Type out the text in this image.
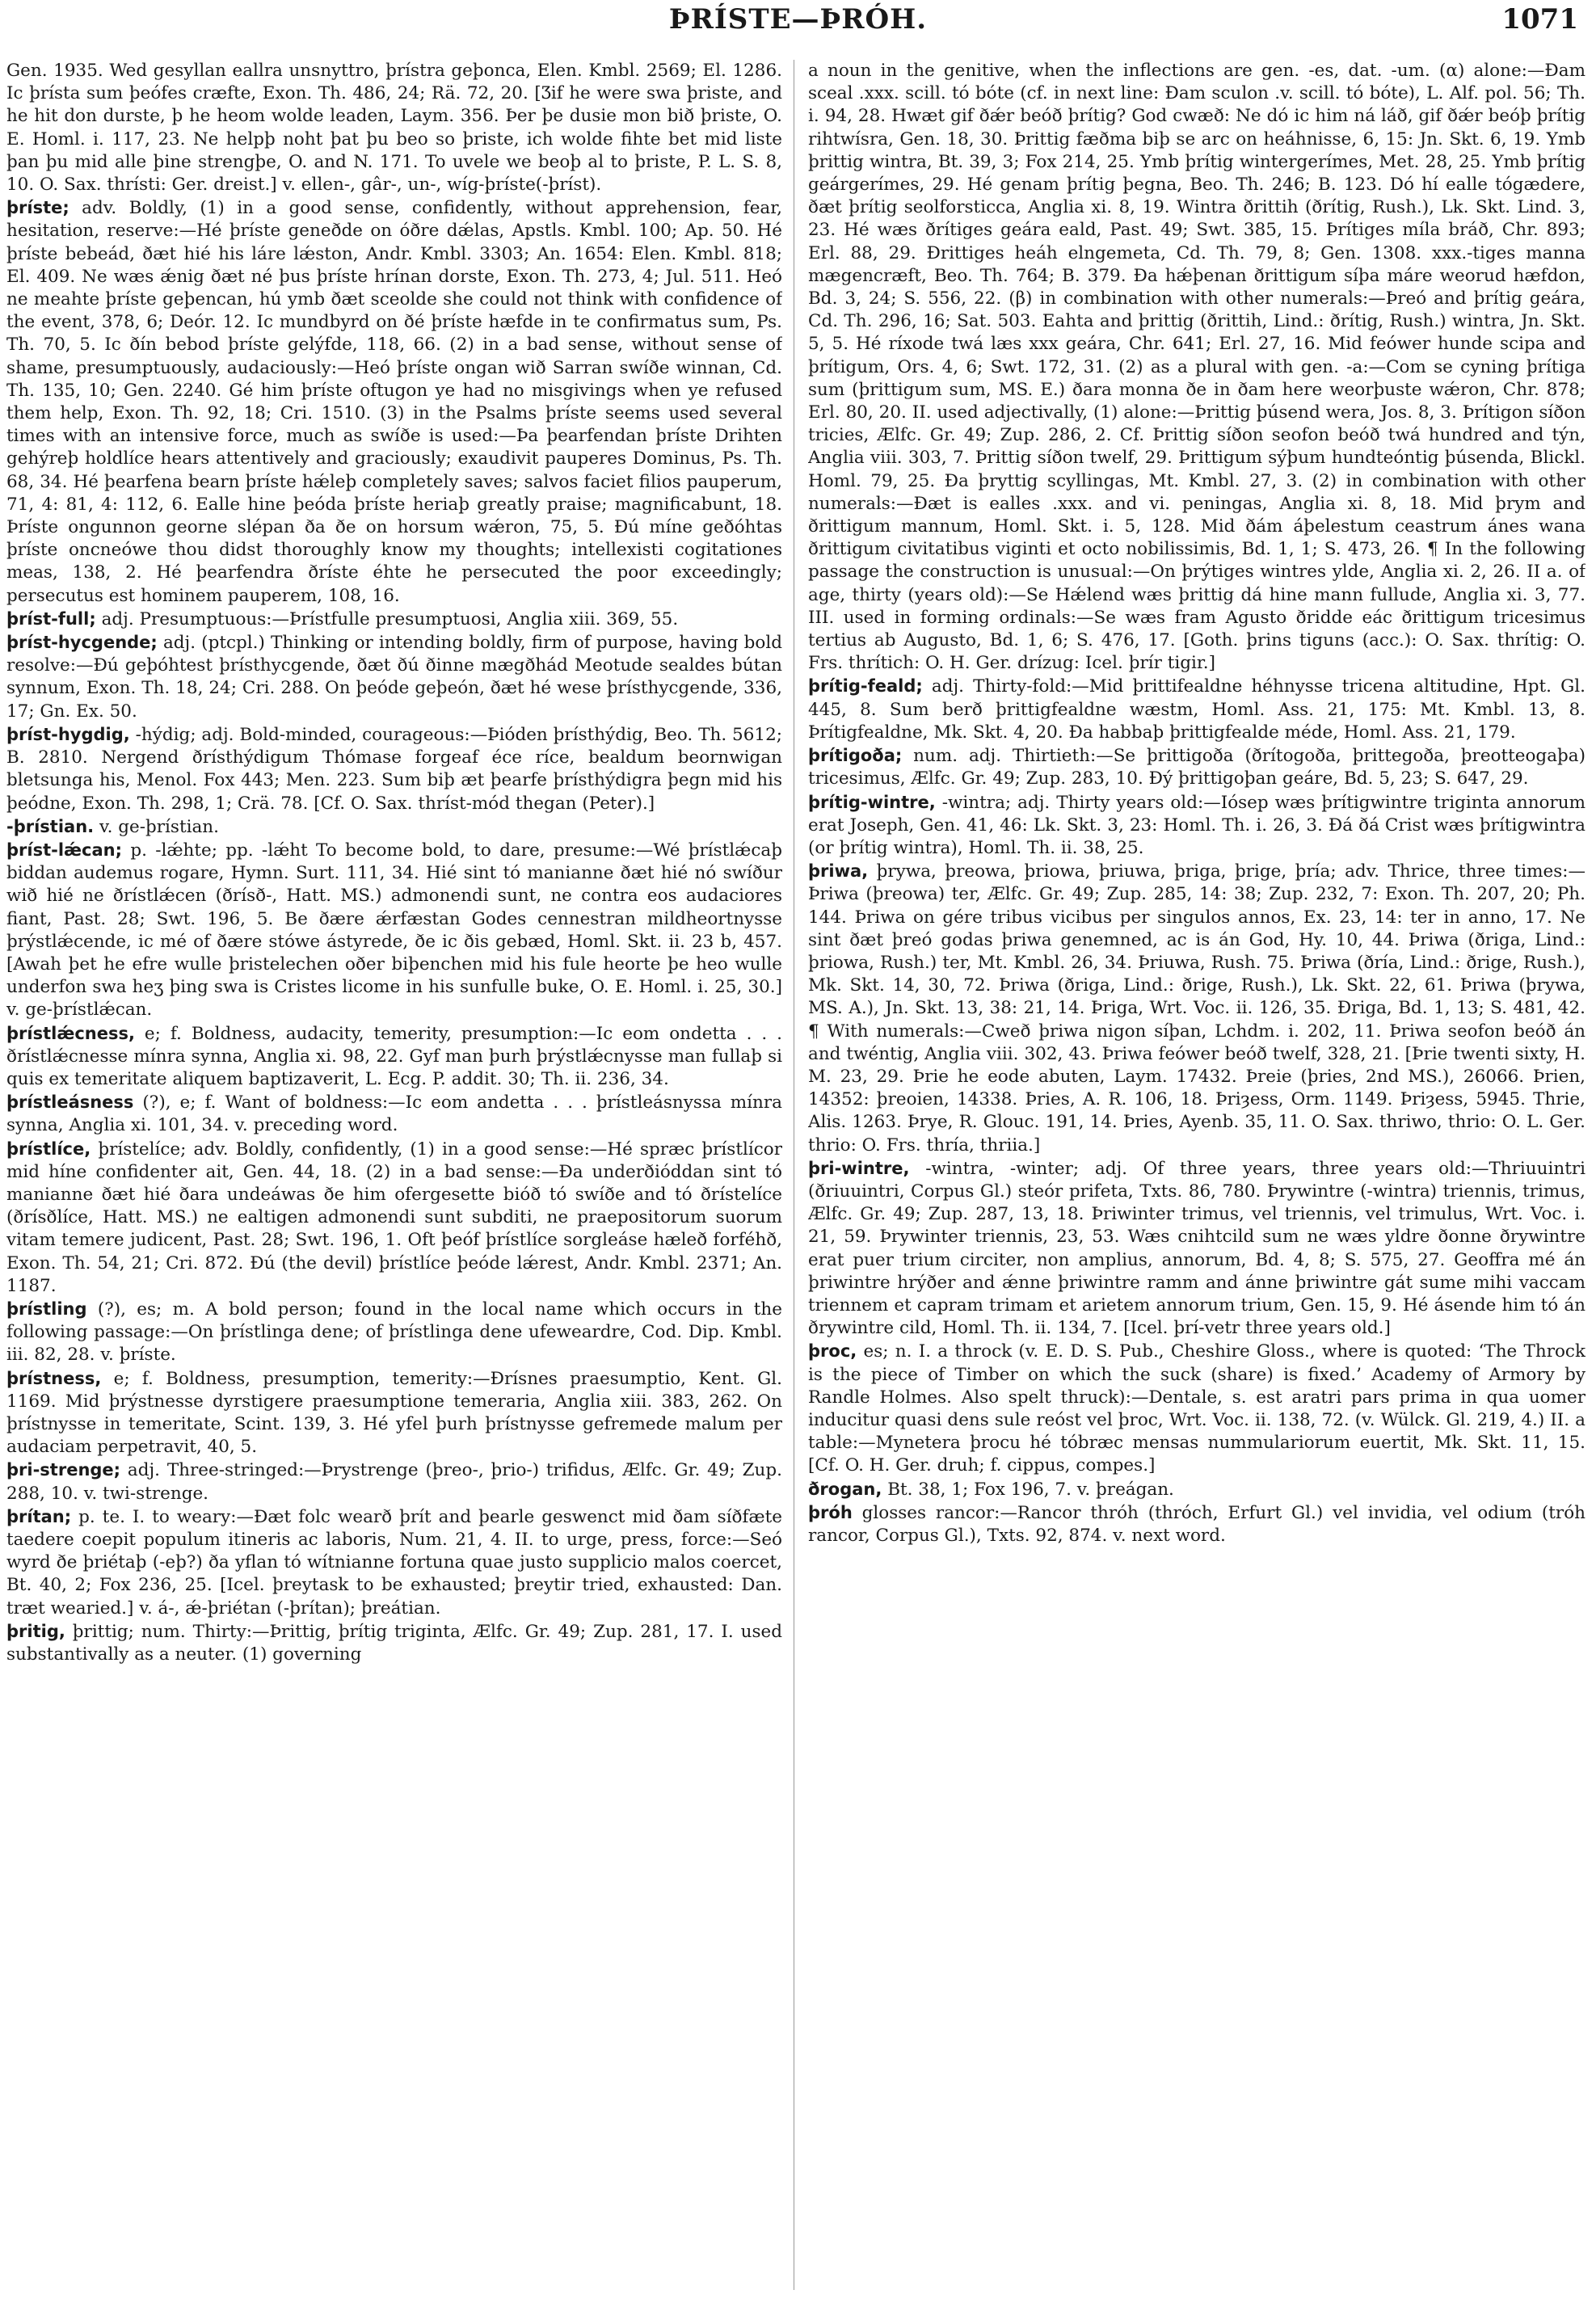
ÞRÍSTE—ÞRÓH.	1071

Gen. 1935. Wed gesyllan eallra unsnyttro, þrístra geþonca, Elen. Kmbl. 2569; El. 1286. Ic þrísta sum þeófes cræfte, Exon. Th. 486, 24; Rä. 72, 20. [Ʒif he were swa þriste, and he hit don durste, þ he heom wolde leaden, Laym. 356. Þer þe dusie mon bið þriste, O. E. Homl. i. 117, 23. Ne helpþ noht þat þu beo so þriste, ich wolde fihte bet mid liste þan þu mid alle þine strengþe, O. and N. 171. To uvele we beoþ al to þriste, P. L. S. 8, 10. O. Sax. thrísti: Ger. dreist.] v. ellen-, gâr-, un-, wíg-þríste(-þríst).

þríste; adv. Boldly, (1) in a good sense, confidently, without apprehension, fear, hesitation, reserve:—Hé þríste geneðde on óðre dǽlas, Apstls. Kmbl. 100; Ap. 50. Hé þríste bebeád, ðæt hié his láre lǽston, Andr. Kmbl. 3303; An. 1654: Elen. Kmbl. 818; El. 409. Ne wæs ǽnig ðæt né þus þríste hrínan dorste, Exon. Th. 273, 4; Jul. 511. Heó ne meahte þríste geþencan, hú ymb ðæt sceolde she could not think with confidence of the event, 378, 6; Deór. 12. Ic mundbyrd on ðé þríste hæfde in te confirmatus sum, Ps. Th. 70, 5. Ic ðín bebod þríste gelýfde, 118, 66. (2) in a bad sense, without sense of shame, presumptuously, audaciously:—Heó þríste ongan wið Sarran swíðe winnan, Cd. Th. 135, 10; Gen. 2240. Gé him þríste oftugon ye had no misgivings when ye refused them help, Exon. Th. 92, 18; Cri. 1510. (3) in the Psalms þríste seems used several times with an intensive force, much as swíðe is used:—Þa þearfendan þríste Drihten gehýreþ holdlíce hears attentively and graciously; exaudivit pauperes Dominus, Ps. Th. 68, 34. Hé þearfena bearn þríste hǽleþ completely saves; salvos faciet filios pauperum, 71, 4: 81, 4: 112, 6. Ealle hine þeóda þríste heriaþ greatly praise; magnificabunt, 18. Þríste ongunnon georne slépan ða ðe on horsum wǽron, 75, 5. Ðú míne geðóhtas þríste oncneówe thou didst thoroughly know my thoughts; intellexisti cogitationes meas, 138, 2. Hé þearfendra ðríste éhte he persecuted the poor exceedingly; persecutus est hominem pauperem, 108, 16.

þríst-full; adj. Presumptuous:—Þrístfulle presumptuosi, Anglia xiii. 369, 55.

þríst-hycgende; adj. (ptcpl.) Thinking or intending boldly, firm of purpose, having bold resolve:—Ðú geþóhtest þrísthycgende, ðæt ðú ðinne mægðhád Meotude sealdes bútan synnum, Exon. Th. 18, 24; Cri. 288. On þeóde geþeón, ðæt hé wese þrísthycgende, 336, 17; Gn. Ex. 50.

þríst-hygdig, -hýdig; adj. Bold-minded, courageous:—Þióden þrísthýdig, Beo. Th. 5612; B. 2810. Nergend ðrísthýdigum Thómase forgeaf éce ríce, bealdum beornwigan bletsunga his, Menol. Fox 443; Men. 223. Sum biþ æt þearfe þrísthýdigra þegn mid his þeódne, Exon. Th. 298, 1; Crä. 78. [Cf. O. Sax. thríst-mód thegan (Peter).]

-þrístian. v. ge-þrístian.

þríst-lǽcan; p. -lǽhte; pp. -lǽht To become bold, to dare, presume:—Wé þrístlǽcaþ biddan audemus rogare, Hymn. Surt. 111, 34. Hié sint tó manianne ðæt hié nó swíður wið hié ne ðrístlǽcen (ðrísð-, Hatt. MS.) admonendi sunt, ne contra eos audaciores fiant, Past. 28; Swt. 196, 5. Be ðære ǽrfæstan Godes cennestran mildheortnysse þrýstlǽcende, ic mé of ðære stówe ástyrede, ðe ic ðis gebæd, Homl. Skt. ii. 23 b, 457. [Awah þet he efre wulle þristelechen oðer biþenchen mid his fule heorte þe heo wulle underfon swa heʒ þing swa is Cristes licome in his sunfulle buke, O. E. Homl. i. 25, 30.] v. ge-þrístlǽcan.

þrístlǽcness, e; f. Boldness, audacity, temerity, presumption:—Ic eom ondetta . . . ðrístlǽcnesse mínra synna, Anglia xi. 98, 22. Gyf man þurh þrýstlǽcnysse man fullaþ si quis ex temeritate aliquem baptizaverit, L. Ecg. P. addit. 30; Th. ii. 236, 34.

þrístleásness (?), e; f. Want of boldness:—Ic eom andetta . . . þrístleásnyssa mínra synna, Anglia xi. 101, 34. v. preceding word.

þrístlíce, þrístelíce; adv. Boldly, confidently, (1) in a good sense:—Hé spræc þrístlícor mid híne confidenter ait, Gen. 44, 18. (2) in a bad sense:—Ða underðióddan sint tó manianne ðæt hié ðara undeáwas ðe him ofergesette bióð tó swíðe and tó ðrístelíce (ðrísðlíce, Hatt. MS.) ne ealtigen admonendi sunt subditi, ne praepositorum suorum vitam temere judicent, Past. 28; Swt. 196, 1. Oft þeóf þrístlíce sorgleáse hæleð forféhð, Exon. Th. 54, 21; Cri. 872. Ðú (the devil) þrístlíce þeóde lǽrest, Andr. Kmbl. 2371; An. 1187.

þrístling (?), es; m. A bold person; found in the local name which occurs in the following passage:—On þrístlinga dene; of þrístlinga dene ufeweardre, Cod. Dip. Kmbl. iii. 82, 28. v. þríste.

þrístness, e; f. Boldness, presumption, temerity:—Ðrísnes praesumptio, Kent. Gl. 1169. Mid þrýstnesse dyrstigere praesumptione temeraria, Anglia xiii. 383, 262. On þrístnysse in temeritate, Scint. 139, 3. Hé yfel þurh þrístnysse gefremede malum per audaciam perpetravit, 40, 5.

þri-strenge; adj. Three-stringed:—Þrystrenge (þreo-, þrio-) trifidus, Ælfc. Gr. 49; Zup. 288, 10. v. twi-strenge.

þrítan; p. te. I. to weary:—Ðæt folc wearð þrít and þearle geswenct mid ðam síðfæte taedere coepit populum itineris ac laboris, Num. 21, 4. II. to urge, press, force:—Seó wyrd ðe þriétaþ (-eþ?) ða yflan tó wítnianne fortuna quae justo supplicio malos coercet, Bt. 40, 2; Fox 236, 25. [Icel. þreytask to be exhausted; þreytir tried, exhausted: Dan. træt wearied.] v. á-, ǽ-þriétan (-þrítan); þreátian.

þritig, þrittig; num. Thirty:—Þrittig, þrítig triginta, Ælfc. Gr. 49; Zup. 281, 17. I. used substantivally as a neuter. (1) governing

a noun in the genitive, when the inflections are gen. -es, dat. -um. (α) alone:—Ðam sceal .xxx. scill. tó bóte (cf. in next line: Ðam sculon .v. scill. tó bóte), L. Alf. pol. 56; Th. i. 94, 28. Hwæt gif ðǽr beóð þrítig? God cwæð: Ne dó ic him ná láð, gif ðǽr beóþ þrítig rihtwísra, Gen. 18, 30. Þrittig fæðma biþ se arc on heáhnisse, 6, 15: Jn. Skt. 6, 19. Ymb þrittig wintra, Bt. 39, 3; Fox 214, 25. Ymb þrítig wintergerímes, Met. 28, 25. Ymb þrítig geárgerímes, 29. Hé genam þrítig þegna, Beo. Th. 246; B. 123. Dó hí ealle tógædere, ðæt þrítig seolforsticca, Anglia xi. 8, 19. Wintra ðrittih (ðrítig, Rush.), Lk. Skt. Lind. 3, 23. Hé wæs ðrítiges geára eald, Past. 49; Swt. 385, 15. Þrítiges míla bráð, Chr. 893; Erl. 88, 29. Ðrittiges heáh elngemeta, Cd. Th. 79, 8; Gen. 1308. xxx.-tiges manna mægencræft, Beo. Th. 764; B. 379. Ða hǽþenan ðrittigum síþa máre weorud hæfdon, Bd. 3, 24; S. 556, 22. (β) in combination with other numerals:—Þreó and þrítig geára, Cd. Th. 296, 16; Sat. 503. Eahta and þrittig (ðrittih, Lind.: ðrítig, Rush.) wintra, Jn. Skt. 5, 5. Hé ríxode twá læs xxx geára, Chr. 641; Erl. 27, 16. Mid feówer hunde scipa and þrítigum, Ors. 4, 6; Swt. 172, 31. (2) as a plural with gen. -a:—Com se cyning þrítiga sum (þrittigum sum, MS. E.) ðara monna ðe in ðam here weorþuste wǽron, Chr. 878; Erl. 80, 20. II. used adjectivally, (1) alone:—Þrittig þúsend wera, Jos. 8, 3. Þrítigon síðon tricies, Ælfc. Gr. 49; Zup. 286, 2. Cf. Þrittig síðon seofon beóð twá hundred and týn, Anglia viii. 303, 7. Þrittig síðon twelf, 29. Þrittigum sýþum hundteóntig þúsenda, Blickl. Homl. 79, 25. Ða þryttig scyllingas, Mt. Kmbl. 27, 3. (2) in combination with other numerals:—Ðæt is ealles .xxx. and vi. peningas, Anglia xi. 8, 18. Mid þrym and ðrittigum mannum, Homl. Skt. i. 5, 128. Mid ðám áþelestum ceastrum ánes wana ðrittigum civitatibus viginti et octo nobilissimis, Bd. 1, 1; S. 473, 26. ¶ In the following passage the construction is unusual:—On þrýtiges wintres ylde, Anglia xi. 2, 26. II a. of age, thirty (years old):—Se Hǽlend wæs þrittig dá hine mann fullude, Anglia xi. 3, 77. III. used in forming ordinals:—Se wæs fram Agusto ðridde eác ðrittigum tricesimus tertius ab Augusto, Bd. 1, 6; S. 476, 17. [Goth. þrins tiguns (acc.): O. Sax. thrítig: O. Frs. thrítich: O. H. Ger. drízug: Icel. þrír tigir.]

þrítig-feald; adj. Thirty-fold:—Mid þrittifealdne héhnysse tricena altitudine, Hpt. Gl. 445, 8. Sum berð þrittigfealdne wæstm, Homl. Ass. 21, 175: Mt. Kmbl. 13, 8. Þrítigfealdne, Mk. Skt. 4, 20. Ða habbaþ þrittigfealde méde, Homl. Ass. 21, 179.

þrítigoða; num. adj. Thirtieth:—Se þrittigoða (ðrítogoða, þrittegoða, þreotteogaþa) tricesimus, Ælfc. Gr. 49; Zup. 283, 10. Ðý þrittigoþan geáre, Bd. 5, 23; S. 647, 29.

þrítig-wintre, -wintra; adj. Thirty years old:—Iósep wæs þrítigwintre triginta annorum erat Joseph, Gen. 41, 46: Lk. Skt. 3, 23: Homl. Th. i. 26, 3. Ðá ðá Crist wæs þrítigwintra (or þrítig wintra), Homl. Th. ii. 38, 25.

þriwa, þrywa, þreowa, þriowa, þriuwa, þriga, þrige, þría; adv. Thrice, three times:—Þriwa (þreowa) ter, Ælfc. Gr. 49; Zup. 285, 14: 38; Zup. 232, 7: Exon. Th. 207, 20; Ph. 144. Þriwa on gére tribus vicibus per singulos annos, Ex. 23, 14: ter in anno, 17. Ne sint ðæt þreó godas þriwa genemned, ac is án God, Hy. 10, 44. Þriwa (ðriga, Lind.: þriowa, Rush.) ter, Mt. Kmbl. 26, 34. Þriuwa, Rush. 75. Þriwa (ðría, Lind.: ðrige, Rush.), Mk. Skt. 14, 30, 72. Þriwa (ðriga, Lind.: ðrige, Rush.), Lk. Skt. 22, 61. Þriwa (þrywa, MS. A.), Jn. Skt. 13, 38: 21, 14. Þriga, Wrt. Voc. ii. 126, 35. Ðriga, Bd. 1, 13; S. 481, 42. ¶ With numerals:—Cweð þriwa nigon síþan, Lchdm. i. 202, 11. Þriwa seofon beóð án and twéntig, Anglia viii. 302, 43. Þriwa feówer beóð twelf, 328, 21. [Þrie twenti sixty, H. M. 23, 29. Þrie he eode abuten, Laym. 17432. Þreie (þries, 2nd MS.), 26066. Þrien, 14352: þreoien, 14338. Þries, A. R. 106, 18. Þriȝess, Orm. 1149. Þriȝess, 5945. Thrie, Alis. 1263. Þrye, R. Glouc. 191, 14. Þries, Ayenb. 35, 11. O. Sax. thriwo, thrio: O. L. Ger. thrio: O. Frs. thría, thriia.]

þri-wintre, -wintra, -winter; adj. Of three years, three years old:—Thriuuintri (ðriuuintri, Corpus Gl.) steór prifeta, Txts. 86, 780. Þrywintre (-wintra) triennis, trimus, Ælfc. Gr. 49; Zup. 287, 13, 18. Þriwinter trimus, vel triennis, vel trimulus, Wrt. Voc. i. 21, 59. Þrywinter triennis, 23, 53. Wæs cnihtcild sum ne wæs yldre ðonne ðrywintre erat puer trium circiter, non amplius, annorum, Bd. 4, 8; S. 575, 27. Geoffra mé án þriwintre hrýðer and ǽnne þriwintre ramm and ánne þriwintre gát sume mihi vaccam triennem et capram trimam et arietem annorum trium, Gen. 15, 9. Hé ásende him tó án ðrywintre cild, Homl. Th. ii. 134, 7. [Icel. þrí-vetr three years old.]

þroc, es; n. I. a throck (v. E. D. S. Pub., Cheshire Gloss., where is quoted: ‘The Throck is the piece of Timber on which the suck (share) is fixed.’ Academy of Armory by Randle Holmes. Also spelt thruck):—Dentale, s. est aratri pars prima in qua uomer inducitur quasi dens sule reóst vel þroc, Wrt. Voc. ii. 138, 72. (v. Wülck. Gl. 219, 4.) II. a table:—Mynetera þrocu hé tóbræc mensas nummulariorum euertit, Mk. Skt. 11, 15. [Cf. O. H. Ger. druh; f. cippus, compes.]

ðrogan, Bt. 38, 1; Fox 196, 7. v. þreágan.

þróh glosses rancor:—Rancor thróh (thróch, Erfurt Gl.) vel invidia, vel odium (tróh rancor, Corpus Gl.), Txts. 92, 874. v. next word.
